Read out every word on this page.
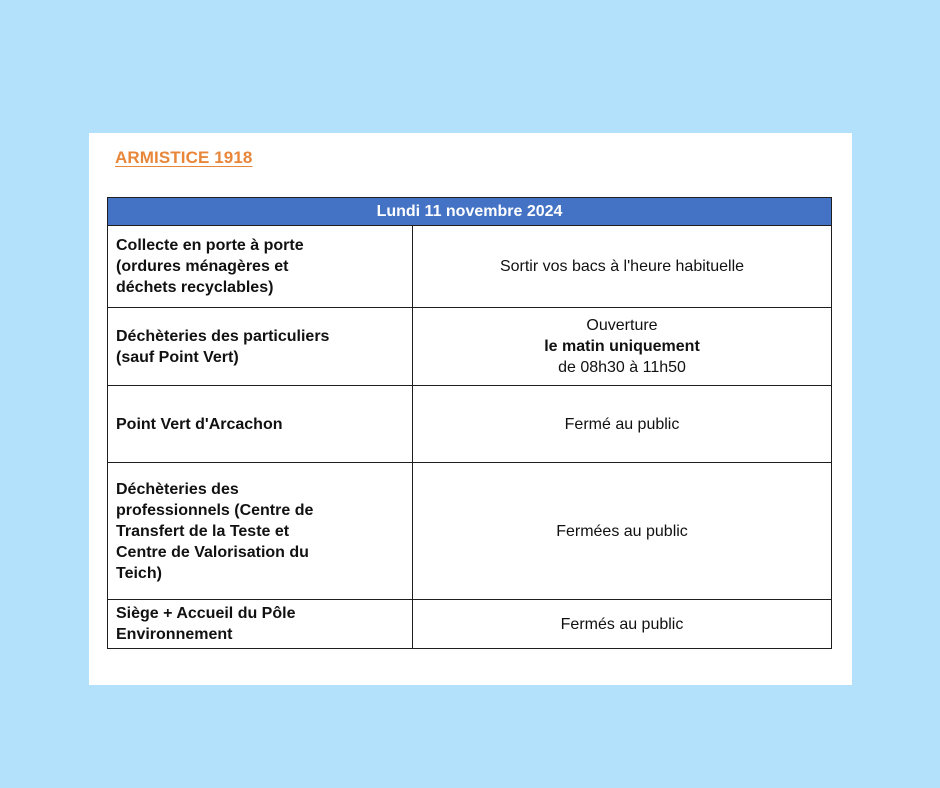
ARMISTICE 1918
Lundi 11 novembre 2024	

Collecte en porte à porte
(ordures ménagères et
déchets recyclables)	Sortir vos bacs à l'heure habituelle

Déchèteries des particuliers
(sauf Point Vert)	Ouverture
le matin uniquement
de 08h30 à 11h50

Point Vert d'Arcachon	Fermé au public

Déchèteries des
professionnels (Centre de
Transfert de la Teste et
Centre de Valorisation du
Teich)	Fermées au public

Siège + Accueil du Pôle
Environnement	Fermés au public
